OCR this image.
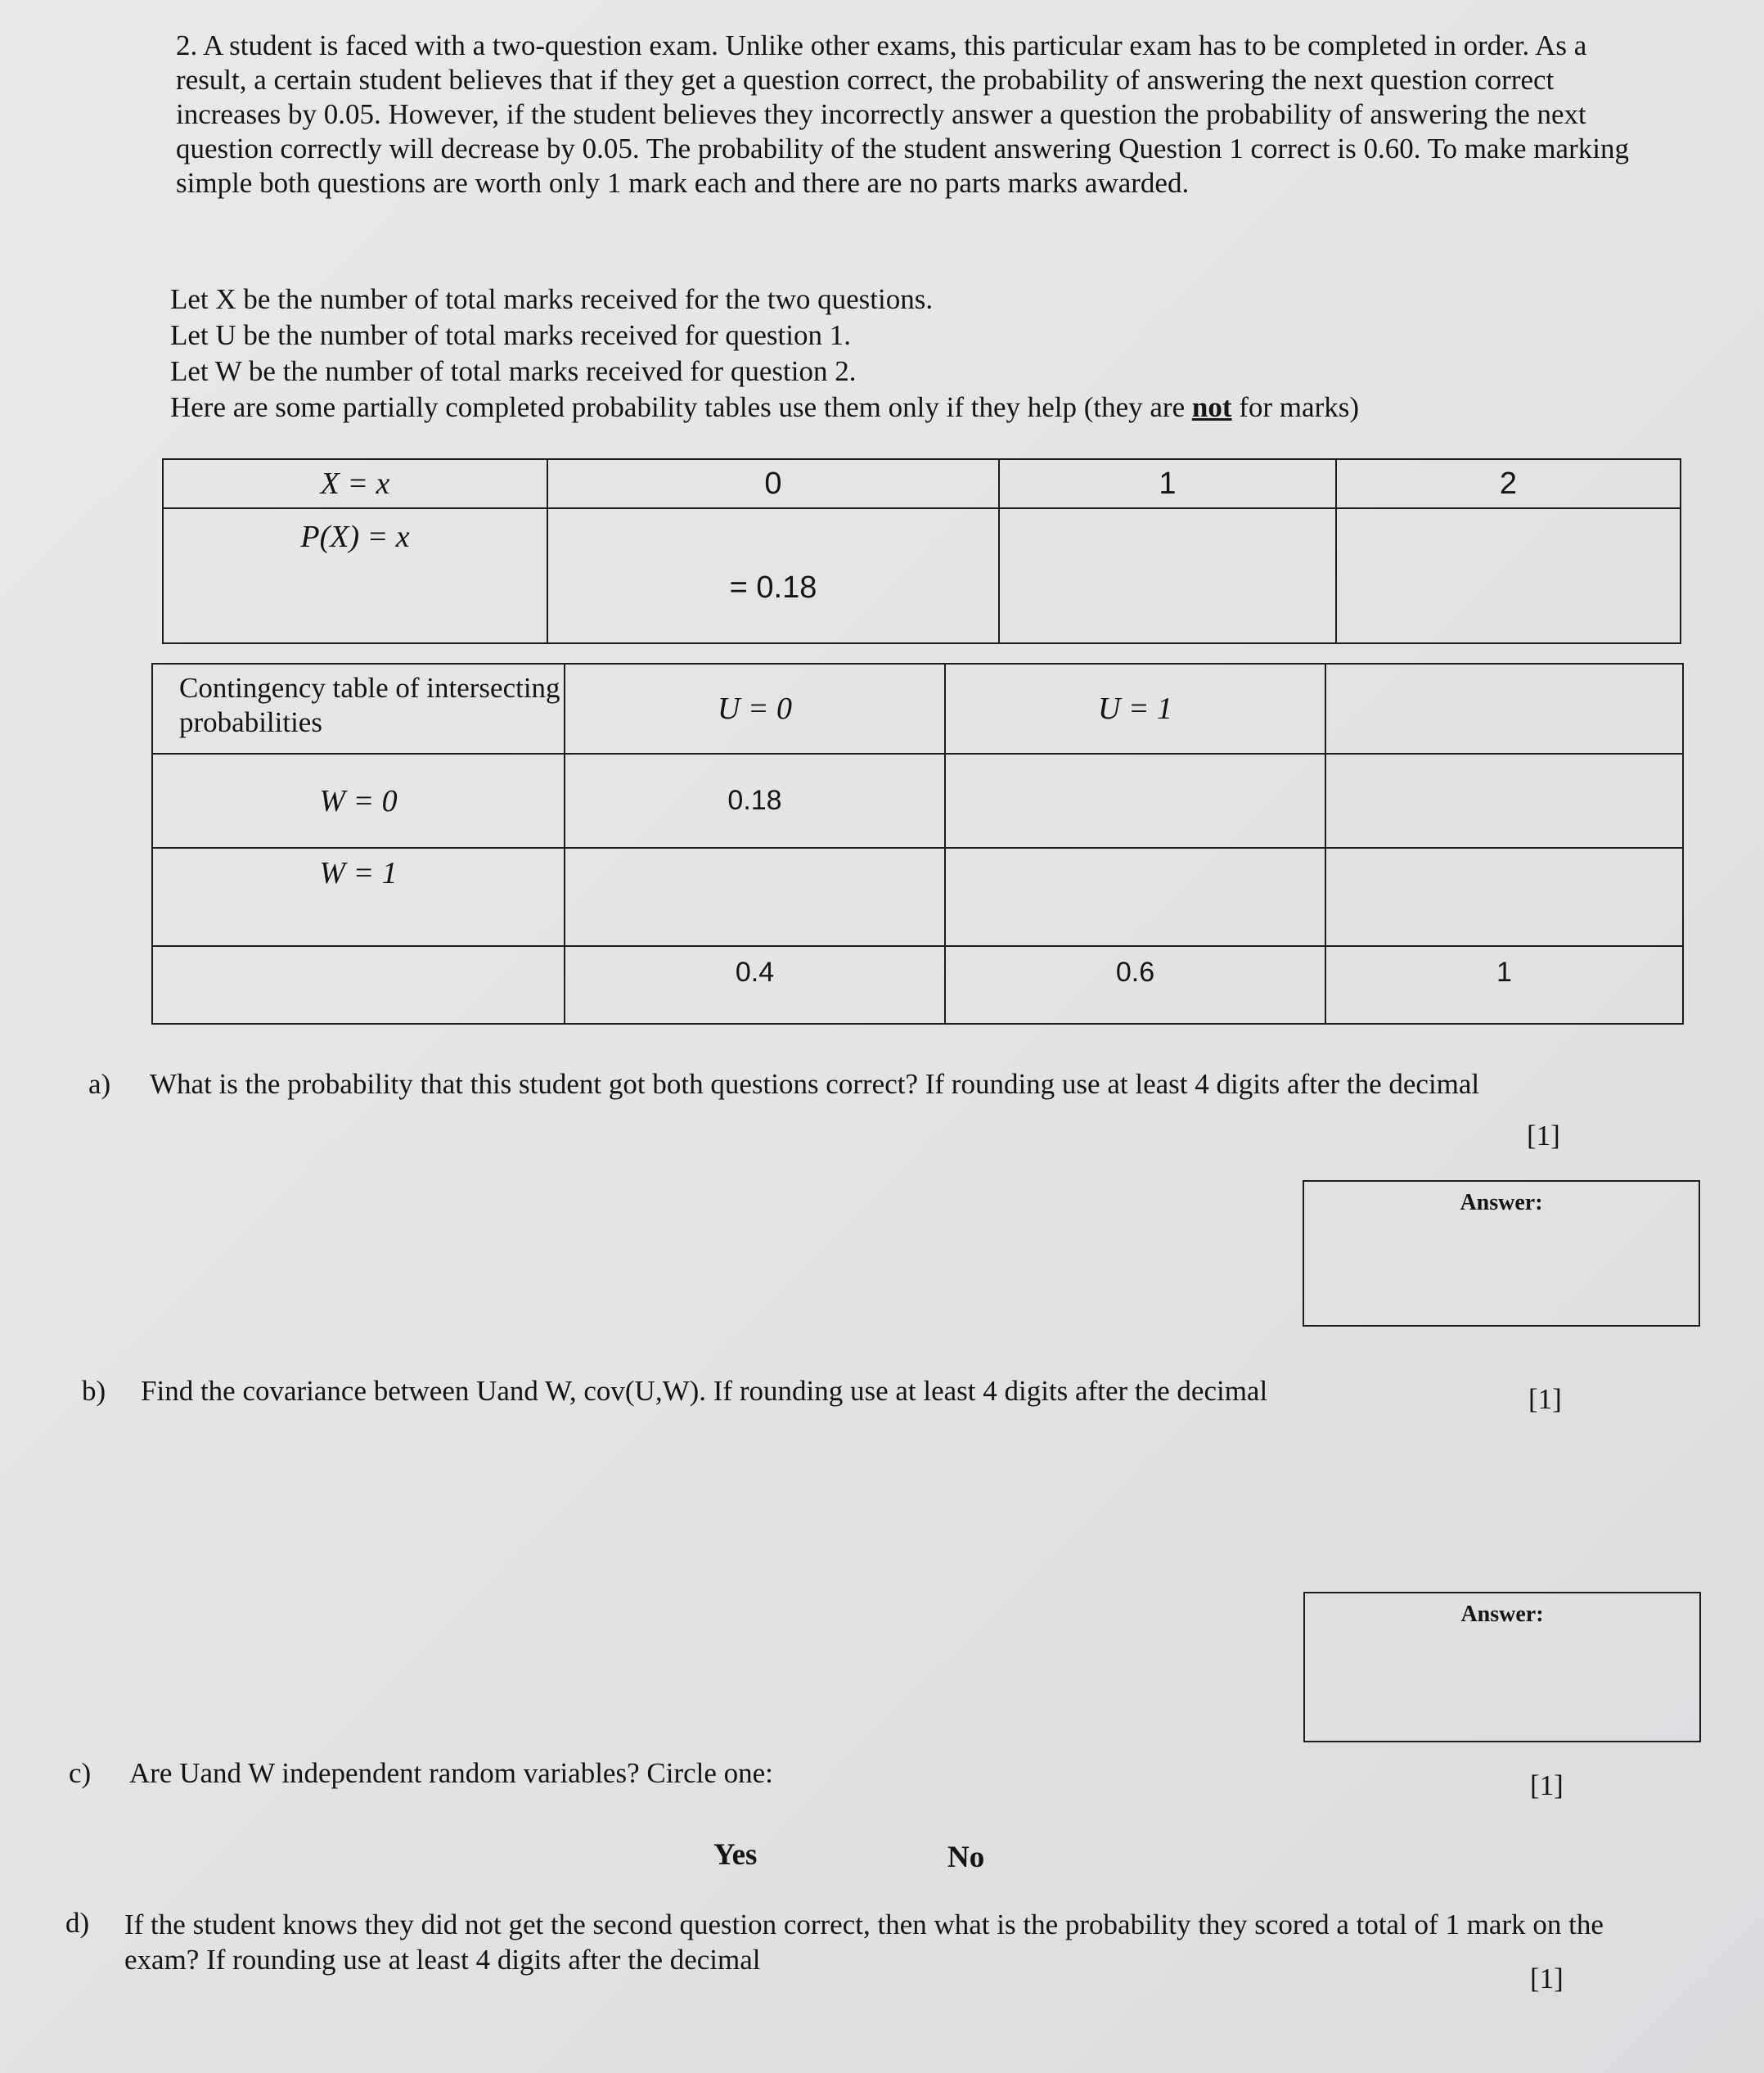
2. A student is faced with a two-question exam. Unlike other exams, this particular exam has to be completed in order. As a result, a certain student believes that if they get a question correct, the probability of answering the next question correct increases by 0.05. However, if the student believes they incorrectly answer a question the probability of answering the next question correctly will decrease by 0.05. The probability of the student answering Question 1 correct is 0.60. To make marking simple both questions are worth only 1 mark each and there are no parts marks awarded.
Let X be the number of total marks received for the two questions.
Let U be the number of total marks received for question 1.
Let W be the number of total marks received for question 2.
Here are some partially completed probability tables use them only if they help (they are not for marks)
X = x	0	1	2
P(X) = x	= 0.18		
Contingency table of intersecting probabilities	U = 0	U = 1	
W = 0	0.18		
W = 1			
	0.4	0.6	1
a) What is the probability that this student got both questions correct? If rounding use at least 4 digits after the decimal
[1]
Answer:
b) Find the covariance between Uand W, cov(U,W). If rounding use at least 4 digits after the decimal	[1]
Answer:
c) Are Uand W independent random variables? Circle one:	[1]
Yes	No
d) If the student knows they did not get the second question correct, then what is the probability they scored a total of 1 mark on the exam? If rounding use at least 4 digits after the decimal
[1]
